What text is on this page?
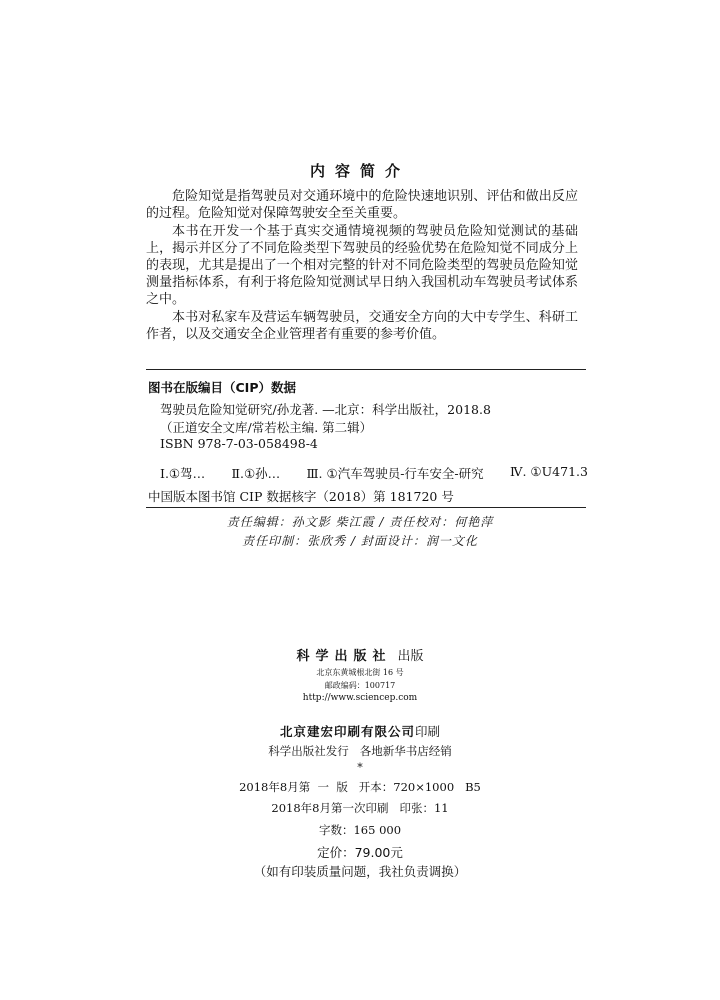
内容简介

危险知觉是指驾驶员对交通环境中的危险快速地识别、评估和做出反应的过程。危险知觉对保障驾驶安全至关重要。

本书在开发一个基于真实交通情境视频的驾驶员危险知觉测试的基础上，揭示并区分了不同危险类型下驾驶员的经验优势在危险知觉不同成分上的表现，尤其是提出了一个相对完整的针对不同危险类型的驾驶员危险知觉测量指标体系，有利于将危险知觉测试早日纳入我国机动车驾驶员考试体系之中。

本书对私家车及营运车辆驾驶员，交通安全方向的大中专学生、科研工作者，以及交通安全企业管理者有重要的参考价值。

图书在版编目（CIP）数据
驾驶员危险知觉研究/孙龙著. —北京：科学出版社，2018.8
（正道安全文库/常若松主编. 第二辑）
ISBN 978-7-03-058498-4
Ⅰ.①驾… Ⅱ.①孙… Ⅲ. ①汽车驾驶员-行车安全-研究 Ⅳ. ①U471.3
中国版本图书馆 CIP 数据核字（2018）第 181720 号
责任编辑：孙文影 柴江霞 / 责任校对：何艳萍
责任印制：张欣秀 / 封面设计：润一文化
科学出版社 出版
北京东黄城根北街 16 号
邮政编码：100717
http://www.sciencep.com
北京建宏印刷有限公司印刷
科学出版社发行   各地新华书店经销
*
2018年8月第  一  版   开本：720×1000   B5
2018年8月第一次印刷   印张：11
字数：165 000
定价：79.00元
（如有印装质量问题，我社负责调换）
